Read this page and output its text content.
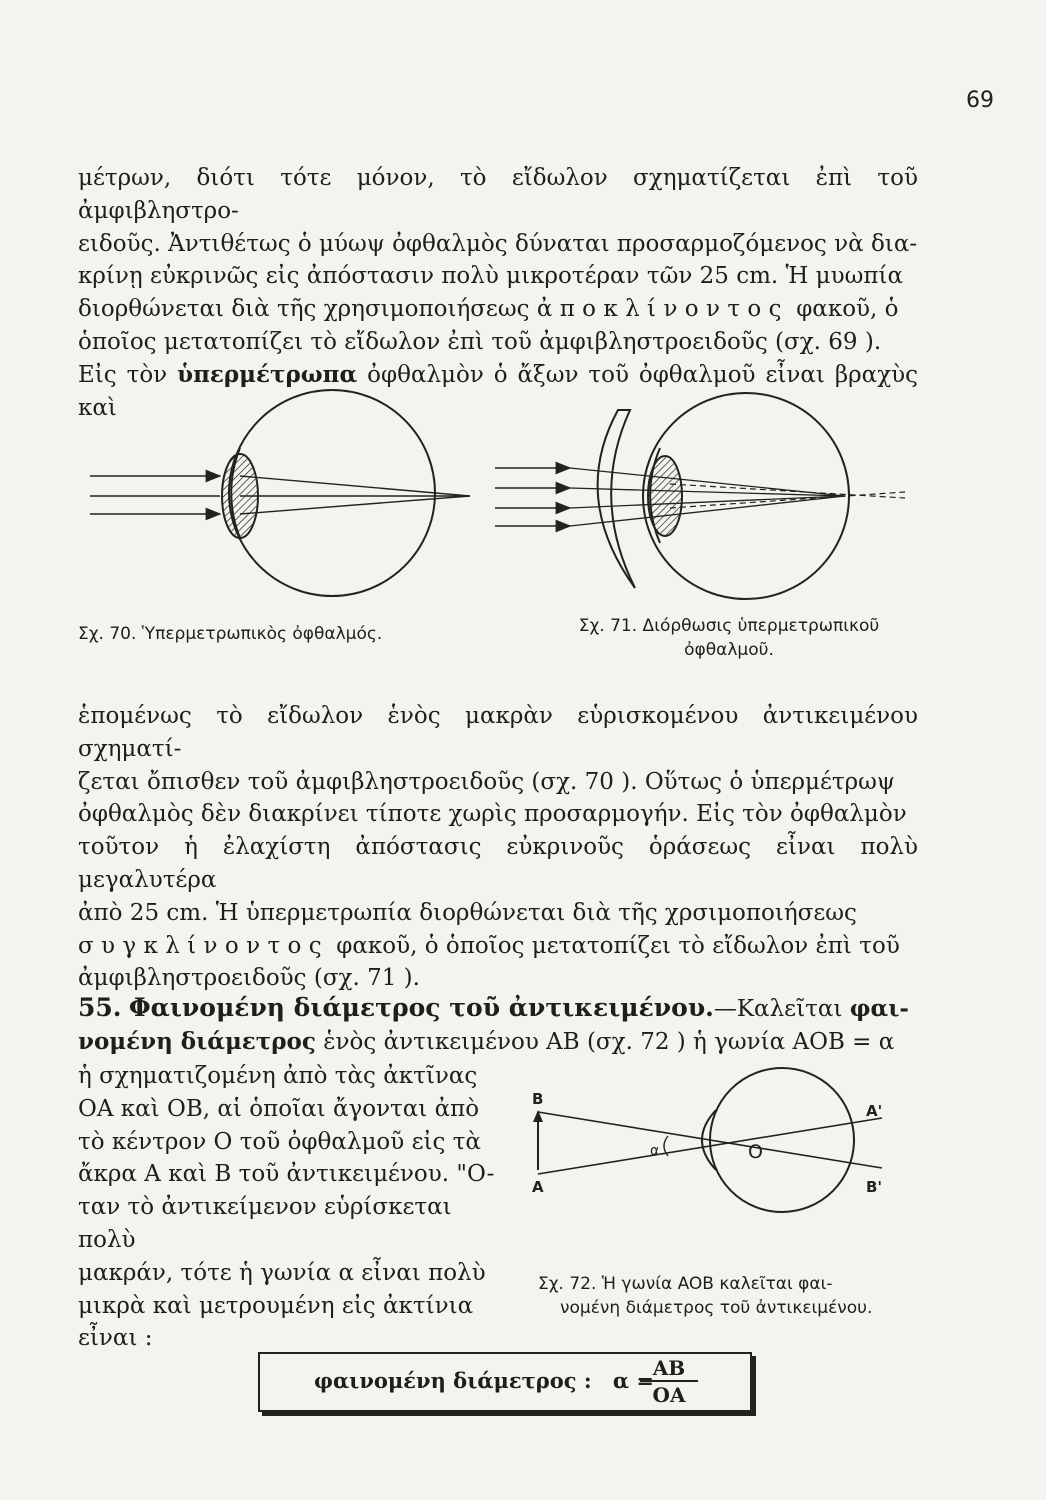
69

μέτρων, διότι τότε μόνον, τὸ εἴδωλον σχηματίζεται ἐπὶ τοῦ ἀμφιβληστρο-

ειδοῦς. Ἀντιθέτως ὁ μύωψ ὀφθαλμὸς δύναται προσαρμοζόμενος νὰ δια-

κρίνῃ εὐκρινῶς εἰς ἀπόστασιν πολὺ μικροτέραν τῶν 25 cm. Ἡ μυωπία

διορθώνεται διὰ τῆς χρησιμοποιήσεως ἀποκλίνοντος φακοῦ, ὁ

ὁποῖος μετατοπίζει τὸ εἴδωλον ἐπὶ τοῦ ἀμφιβληστροειδοῦς (σχ. 69 ).

Εἰς τὸν ὑπερμέτρωπα ὀφθαλμὸν ὁ ἄξων τοῦ ὀφθαλμοῦ εἶναι βραχὺς καὶ

Σχ. 70. Ὑπερμετρωπικὸς ὀφθαλμός.	Σχ. 71. Διόρθωσις ὑπερμετρωπικοῦ
ὀφθαλμοῦ.

ἑπομένως τὸ εἴδωλον ἑνὸς μακρὰν εὑρισκομένου ἀντικειμένου σχηματί-

ζεται ὄπισθεν τοῦ ἀμφιβληστροειδοῦς (σχ. 70 ). Οὕτως ὁ ὑπερμέτρωψ

ὀφθαλμὸς δὲν διακρίνει τίποτε χωρὶς προσαρμογήν. Εἰς τὸν ὀφθαλμὸν

τοῦτον ἡ ἐλαχίστη ἀπόστασις εὐκρινοῦς ὁράσεως εἶναι πολὺ μεγαλυτέρα

ἀπὸ 25 cm. Ἡ ὑπερμετρωπία διορθώνεται διὰ τῆς χρσιμοποιήσεως

συγκλίνοντος φακοῦ, ὁ ὁποῖος μετατοπίζει τὸ εἴδωλον ἐπὶ τοῦ

ἀμφιβληστροειδοῦς (σχ. 71 ).

55. Φαινομένη διάμετρος τοῦ ἀντικειμένου.—Καλεῖται φαι-
νομένη διάμετρος ἑνὸς ἀντικειμένου AB (σχ. 72 ) ἡ γωνία AOB = α
ἡ σχηματιζομένη ἀπὸ τὰς ἀκτῖνας
OA καὶ OB, αἱ ὁποῖαι ἄγονται ἀπὸ
τὸ κέντρον O τοῦ ὀφθαλμοῦ εἰς τὰ
ἄκρα A καὶ B τοῦ ἀντικειμένου. "O-
ταν τὸ ἀντικείμενον εὑρίσκεται πολὺ
μακράν, τότε ἡ γωνία α εἶναι πολὺ
μικρὰ καὶ μετρουμένη εἰς ἀκτίνια
εἶναι :
B
A
α	O
A'
B'
Σχ. 72. Ἡ γωνία AOB καλεῖται φαι-
νομένη διάμετρος τοῦ ἀντικειμένου.
φαινομένη διάμετρος : α =
$\frac{AB}{OA}$
